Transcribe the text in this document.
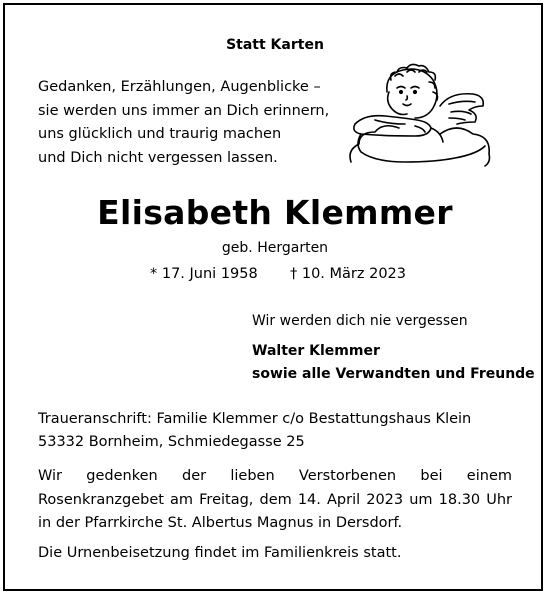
Statt Karten
Gedanken, Erzählungen, Augenblicke –
sie werden uns immer an Dich erinnern,
uns glücklich und traurig machen
und Dich nicht vergessen lassen.
Elisabeth Klemmer
geb. Hergarten
* 17. Juni 1958 † 10. März 2023
Wir werden dich nie vergessen
Walter Klemmer
sowie alle Verwandten und Freunde
Traueranschrift: Familie Klemmer c/o Bestattungshaus Klein
53332 Bornheim, Schmiedegasse 25
Wir gedenken der lieben Verstorbenen bei einem Rosenkranzgebet am Freitag, dem 14. April 2023 um 18.30 Uhr in der Pfarrkirche St. Albertus Magnus in Dersdorf.
Die Urnenbeisetzung findet im Familienkreis statt.
